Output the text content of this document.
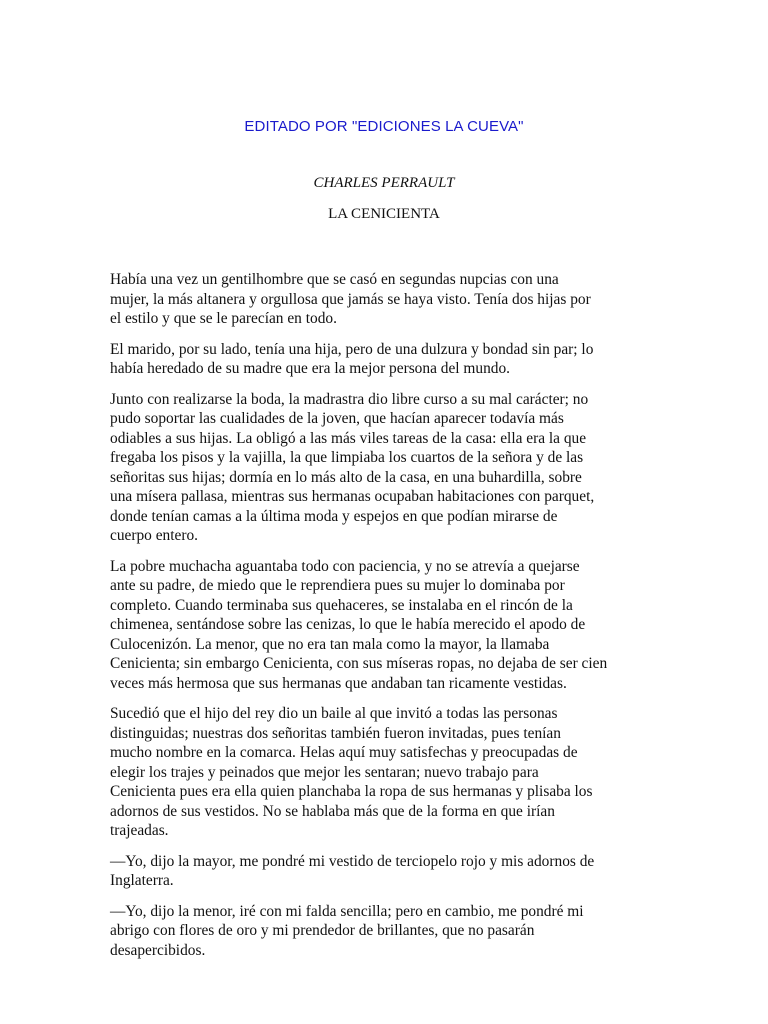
EDITADO POR "EDICIONES LA CUEVA"
CHARLES PERRAULT
LA CENICIENTA

Había una vez un gentilhombre que se casó en segundas nupcias con una
mujer, la más altanera y orgullosa que jamás se haya visto. Tenía dos hijas por
el estilo y que se le parecían en todo.

El marido, por su lado, tenía una hija, pero de una dulzura y bondad sin par; lo
había heredado de su madre que era la mejor persona del mundo.

Junto con realizarse la boda, la madrastra dio libre curso a su mal carácter; no
pudo soportar las cualidades de la joven, que hacían aparecer todavía más
odiables a sus hijas. La obligó a las más viles tareas de la casa: ella era la que
fregaba los pisos y la vajilla, la que limpiaba los cuartos de la señora y de las
señoritas sus hijas; dormía en lo más alto de la casa, en una buhardilla, sobre
una mísera pallasa, mientras sus hermanas ocupaban habitaciones con parquet,
donde tenían camas a la última moda y espejos en que podían mirarse de
cuerpo entero.

La pobre muchacha aguantaba todo con paciencia, y no se atrevía a quejarse
ante su padre, de miedo que le reprendiera pues su mujer lo dominaba por
completo. Cuando terminaba sus quehaceres, se instalaba en el rincón de la
chimenea, sentándose sobre las cenizas, lo que le había merecido el apodo de
Culocenizón. La menor, que no era tan mala como la mayor, la llamaba
Cenicienta; sin embargo Cenicienta, con sus míseras ropas, no dejaba de ser cien
veces más hermosa que sus hermanas que andaban tan ricamente vestidas.

Sucedió que el hijo del rey dio un baile al que invitó a todas las personas
distinguidas; nuestras dos señoritas también fueron invitadas, pues tenían
mucho nombre en la comarca. Helas aquí muy satisfechas y preocupadas de
elegir los trajes y peinados que mejor les sentaran; nuevo trabajo para
Cenicienta pues era ella quien planchaba la ropa de sus hermanas y plisaba los
adornos de sus vestidos. No se hablaba más que de la forma en que irían
trajeadas.

—Yo, dijo la mayor, me pondré mi vestido de terciopelo rojo y mis adornos de
Inglaterra.

—Yo, dijo la menor, iré con mi falda sencilla; pero en cambio, me pondré mi
abrigo con flores de oro y mi prendedor de brillantes, que no pasarán
desapercibidos.
